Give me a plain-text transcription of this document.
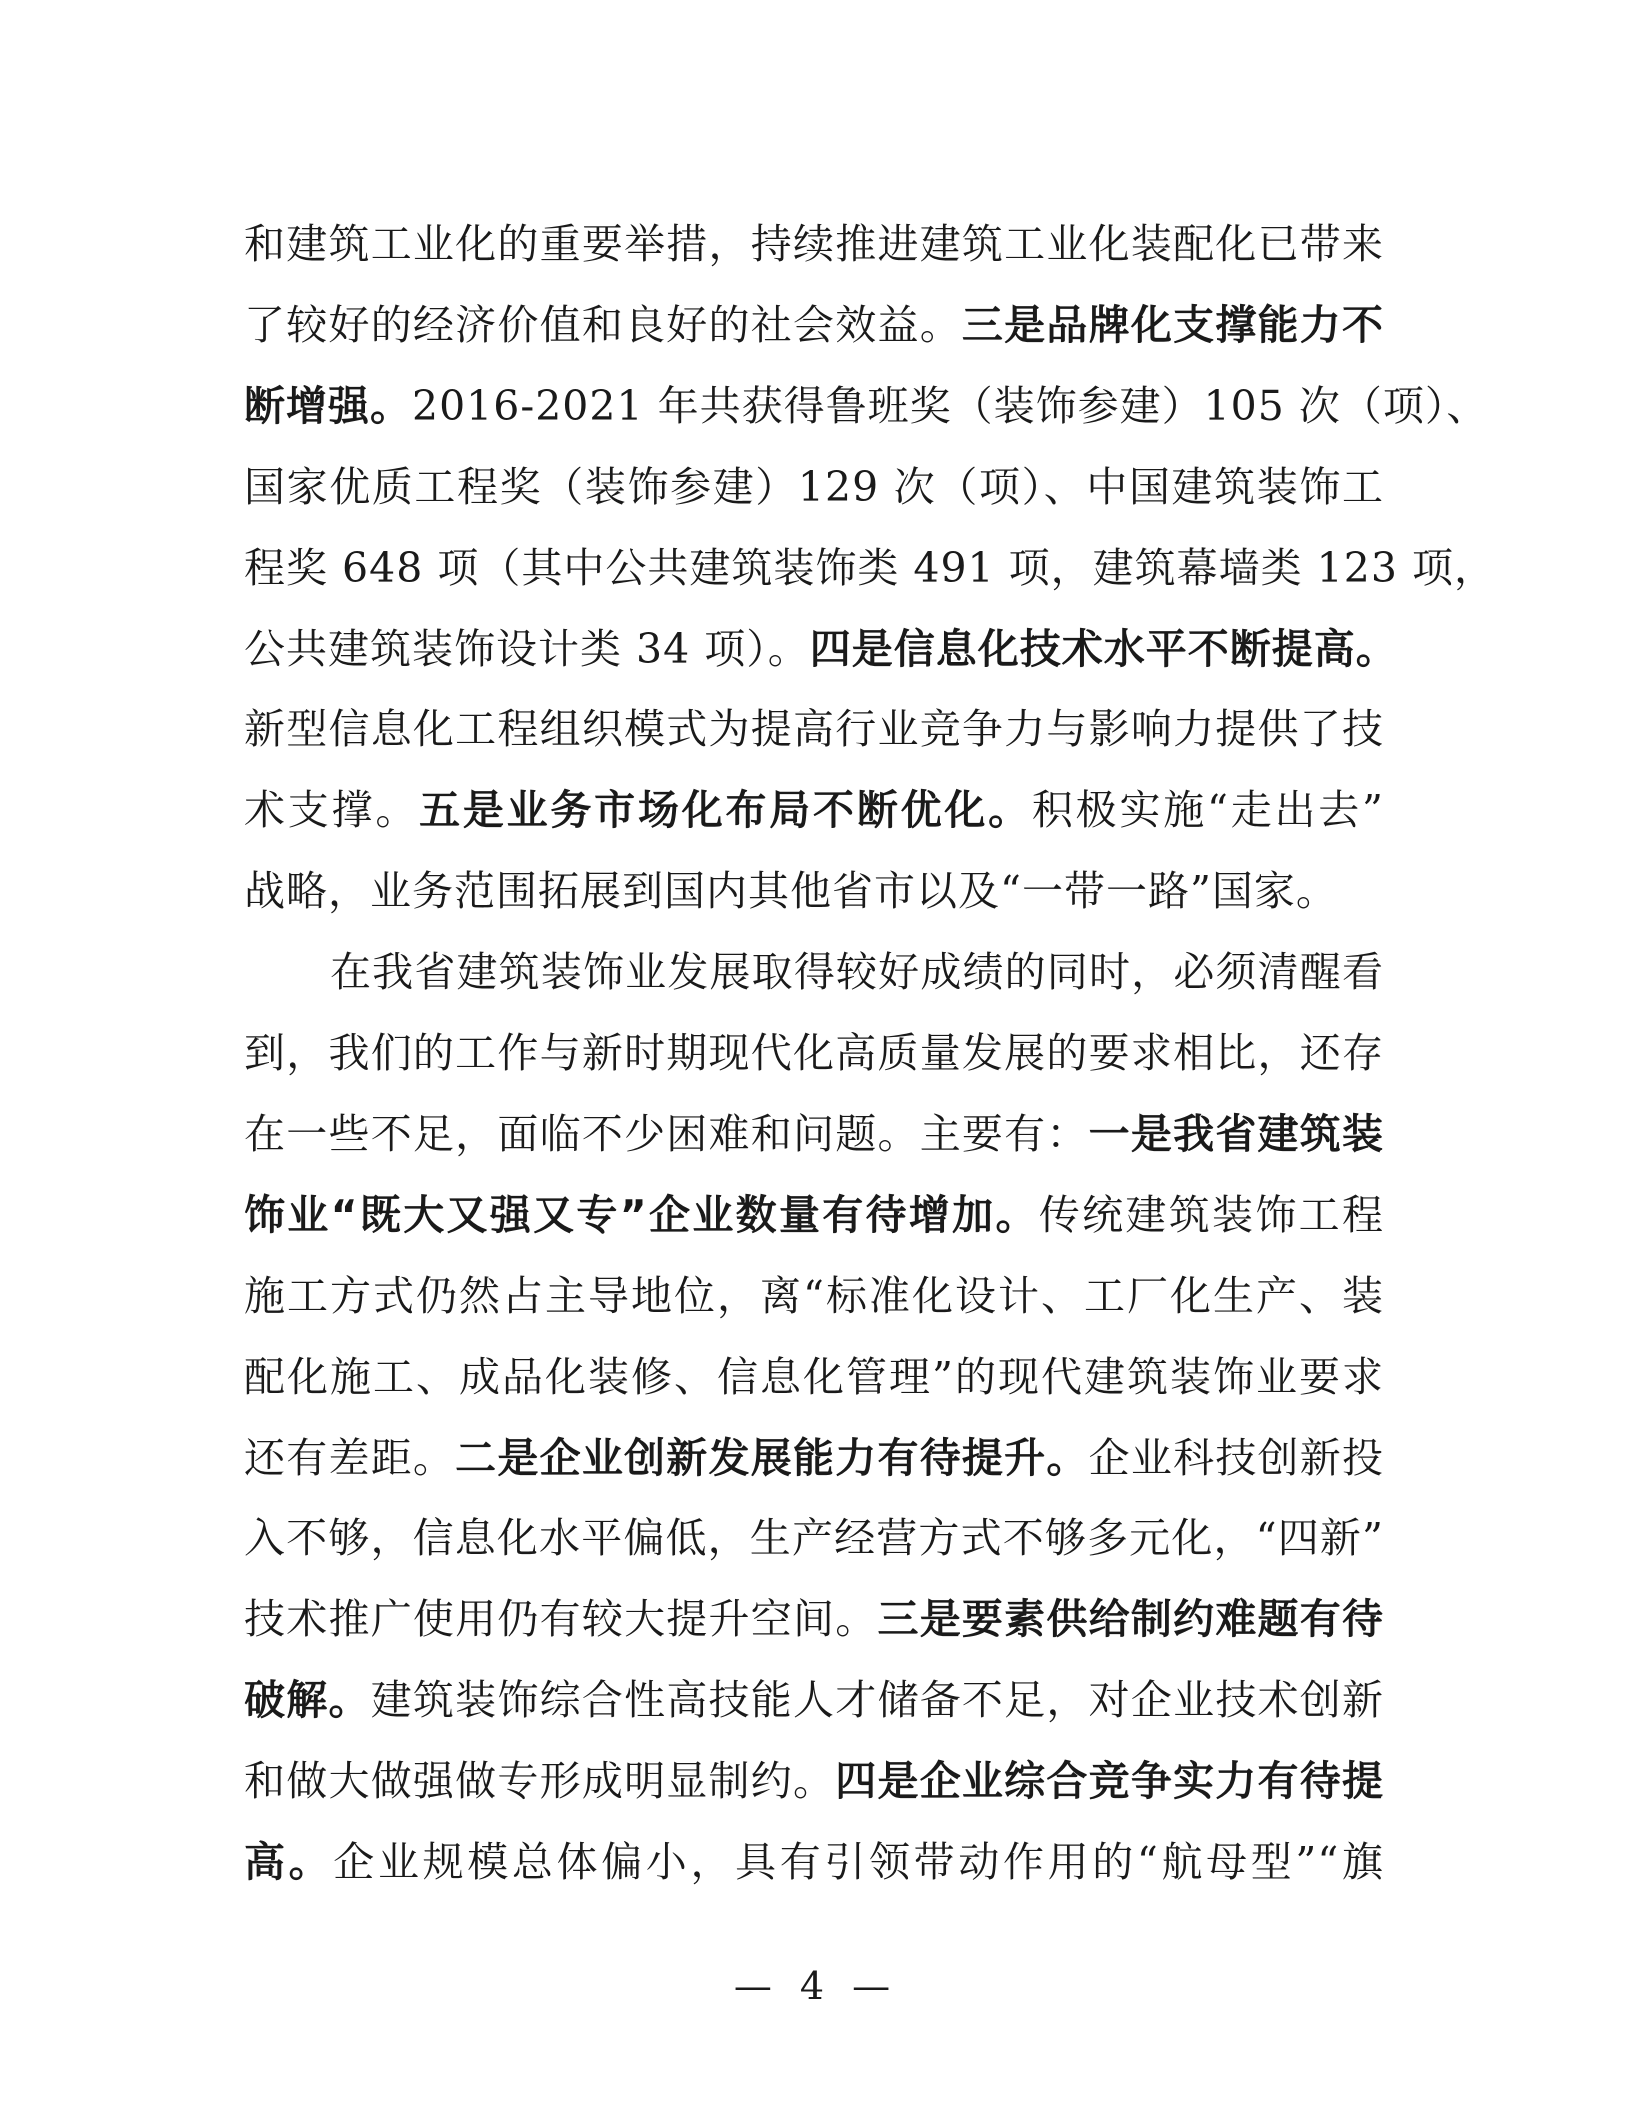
和建筑工业化的重要举措，持续推进建筑工业化装配化已带来
了较好的经济价值和良好的社会效益。三是品牌化支撑能力不
断增强。2016-2021 年共获得鲁班奖（装饰参建）105 次（项）、
国家优质工程奖（装饰参建）129 次（项）、中国建筑装饰工
程奖 648 项（其中公共建筑装饰类 491 项，建筑幕墙类 123 项，
公共建筑装饰设计类 34 项）。四是信息化技术水平不断提高。
新型信息化工程组织模式为提高行业竞争力与影响力提供了技
术支撑。五是业务市场化布局不断优化。积极实施“走出去”
战略，业务范围拓展到国内其他省市以及“一带一路”国家。
在我省建筑装饰业发展取得较好成绩的同时，必须清醒看
到，我们的工作与新时期现代化高质量发展的要求相比，还存
在一些不足，面临不少困难和问题。主要有：一是我省建筑装
饰业“既大又强又专”企业数量有待增加。传统建筑装饰工程
施工方式仍然占主导地位，离“标准化设计、工厂化生产、装
配化施工、成品化装修、信息化管理”的现代建筑装饰业要求
还有差距。二是企业创新发展能力有待提升。企业科技创新投
入不够，信息化水平偏低，生产经营方式不够多元化，“四新”
技术推广使用仍有较大提升空间。三是要素供给制约难题有待
破解。建筑装饰综合性高技能人才储备不足，对企业技术创新
和做大做强做专形成明显制约。四是企业综合竞争实力有待提
高。企业规模总体偏小，具有引领带动作用的“航母型”“旗
— 4 —
